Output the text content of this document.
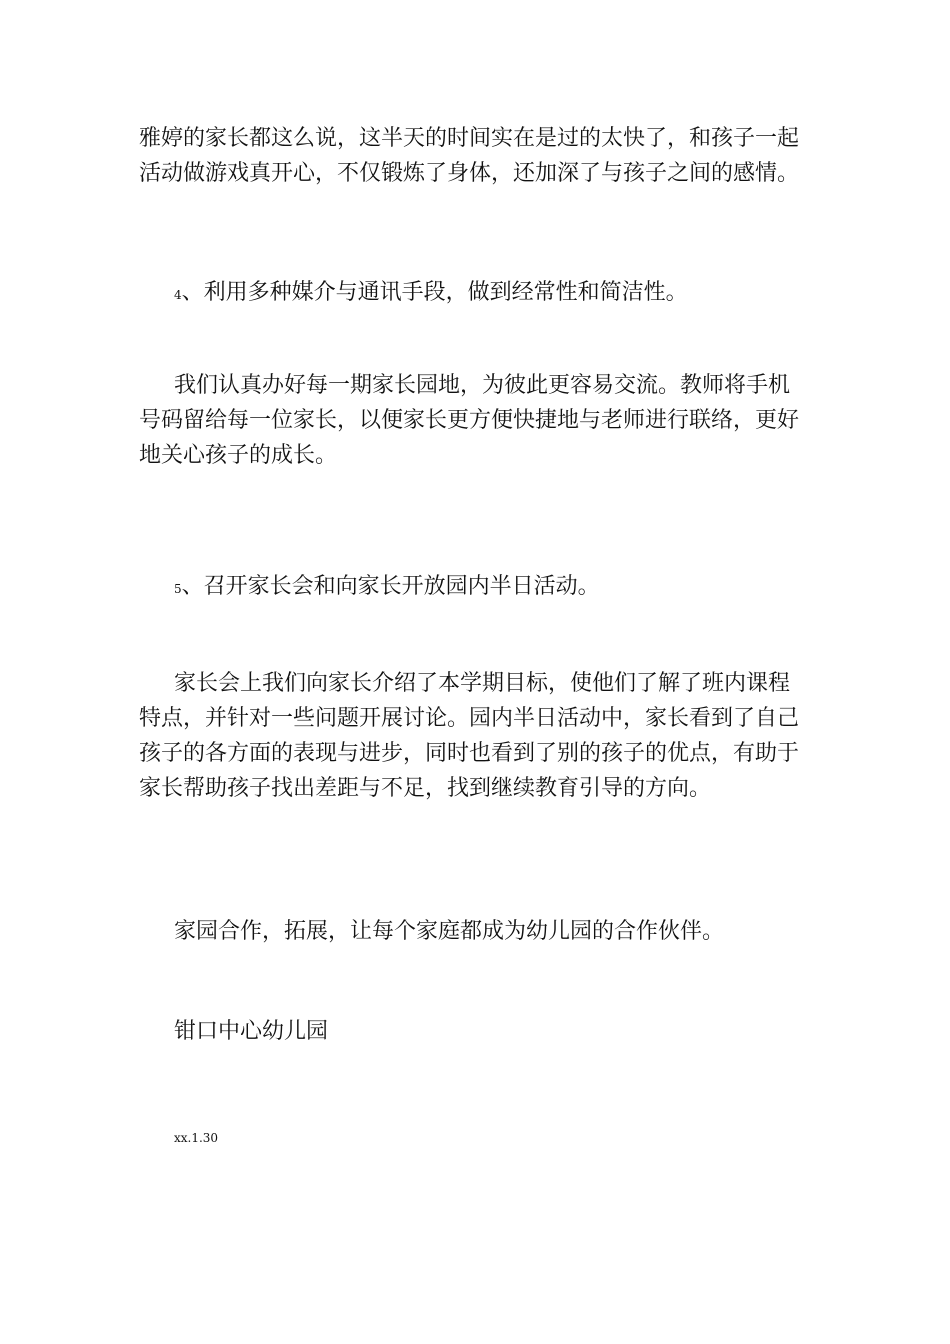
雅婷的家长都这么说，这半天的时间实在是过的太快了，和孩子一起
活动做游戏真开心，不仅锻炼了身体，还加深了与孩子之间的感情。
4、利用多种媒介与通讯手段，做到经常性和简洁性。
我们认真办好每一期家长园地，为彼此更容易交流。教师将手机
号码留给每一位家长，以便家长更方便快捷地与老师进行联络，更好
地关心孩子的成长。
5、召开家长会和向家长开放园内半日活动。
家长会上我们向家长介绍了本学期目标，使他们了解了班内课程
特点，并针对一些问题开展讨论。园内半日活动中，家长看到了自己
孩子的各方面的表现与进步，同时也看到了别的孩子的优点，有助于
家长帮助孩子找出差距与不足，找到继续教育引导的方向。
家园合作，拓展，让每个家庭都成为幼儿园的合作伙伴。
钳口中心幼儿园
xx.1.30
